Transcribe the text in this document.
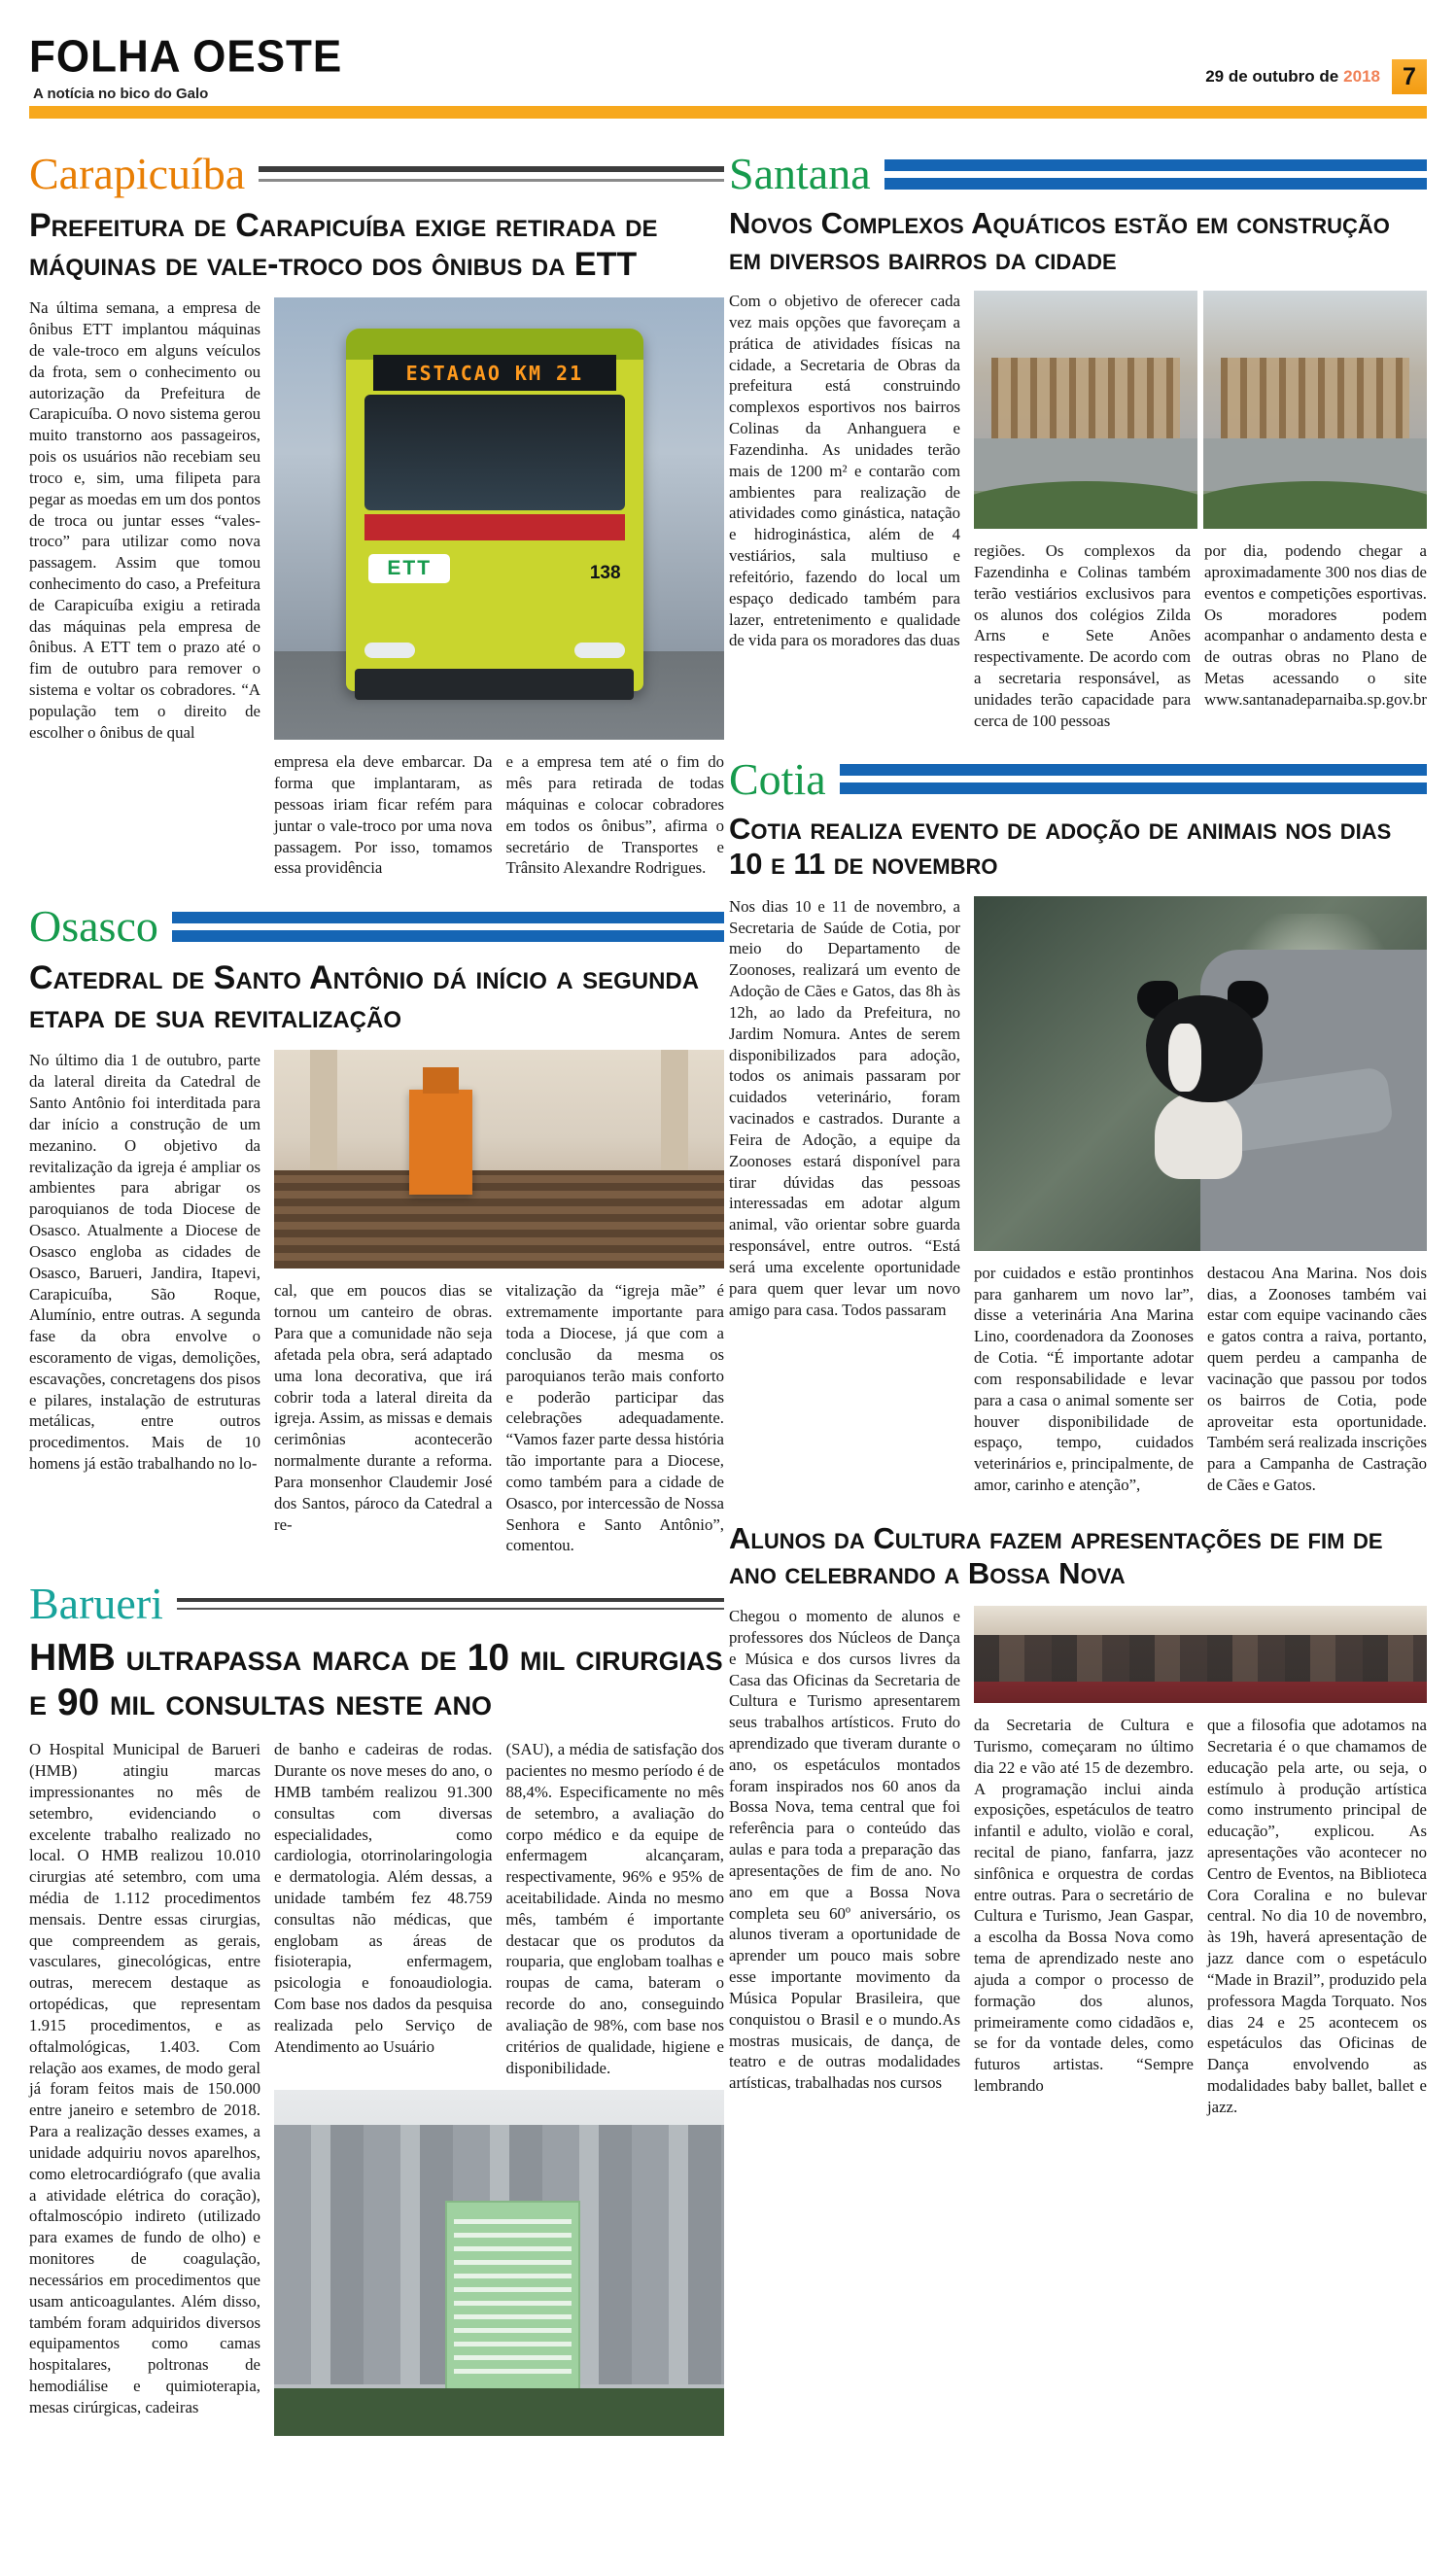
FOLHA OESTE
A notícia no bico do Galo
29 de outubro de 2018 7
Carapicuíba
Prefeitura de Carapicuíba exige retirada de máquinas de vale-troco dos ônibus da ETT
Na última semana, a empresa de ônibus ETT implantou máquinas de vale-troco em alguns veículos da frota, sem o conhecimento ou autorização da Prefeitura de Carapicuíba. O novo sistema gerou muito transtorno aos passageiros, pois os usuários não recebiam seu troco e, sim, uma filipeta para pegar as moedas em um dos pontos de troca ou juntar esses “vales-troco” para utilizar como nova passagem. Assim que tomou conhecimento do caso, a Prefeitura de Carapicuíba exigiu a retirada das máquinas pela empresa de ônibus. A ETT tem o prazo até o fim de outubro para remover o sistema e voltar os cobradores. “A população tem o direito de escolher o ônibus de qual
ESTACAO KM 21
ETT	138
empresa ela deve embarcar. Da forma que implantaram, as pessoas iriam ficar refém para juntar o vale-troco por uma nova passagem. Por isso, tomamos essa providência
e a empresa tem até o fim do mês para retirada de todas máquinas e colocar cobradores em todos os ônibus”, afirma o secretário de Transportes e Trânsito Alexandre Rodrigues.
Osasco
Catedral de Santo Antônio dá início a segunda etapa de sua revitalização
No último dia 1 de outubro, parte da lateral direita da Catedral de Santo Antônio foi interditada para dar início a construção de um mezanino. O objetivo da revitalização da igreja é ampliar os ambientes para abrigar os paroquianos de toda Diocese de Osasco. Atualmente a Diocese de Osasco engloba as cidades de Osasco, Barueri, Jandira, Itapevi, Carapicuíba, São Roque, Alumínio, entre outras. A segunda fase da obra envolve o escoramento de vigas, demolições, escavações, concretagens dos pisos e pilares, instalação de estruturas metálicas, entre outros procedimentos. Mais de 10 homens já estão trabalhando no lo-
cal, que em poucos dias se tornou um canteiro de obras. Para que a comunidade não seja afetada pela obra, será adaptado uma lona decorativa, que irá cobrir toda a lateral direita da igreja. Assim, as missas e demais cerimônias acontecerão normalmente durante a reforma. Para monsenhor Claudemir José dos Santos, pároco da Catedral a re-
vitalização da “igreja mãe” é extremamente importante para toda a Diocese, já que com a conclusão da mesma os paroquianos terão mais conforto e poderão participar das celebrações adequadamente. “Vamos fazer parte dessa história tão importante para a Diocese, como também para a cidade de Osasco, por intercessão de Nossa Senhora e Santo Antônio”, comentou.
Barueri
HMB ultrapassa marca de 10 mil cirurgias e 90 mil consultas neste ano
O Hospital Municipal de Barueri (HMB) atingiu marcas impressionantes no mês de setembro, evidenciando o excelente trabalho realizado no local. O HMB realizou 10.010 cirurgias até setembro, com uma média de 1.112 procedimentos mensais. Dentre essas cirurgias, que compreendem as gerais, vasculares, ginecológicas, entre outras, merecem destaque as ortopédicas, que representam 1.915 procedimentos, e as oftalmológicas, 1.403. Com relação aos exames, de modo geral já foram feitos mais de 150.000 entre janeiro e setembro de 2018. Para a realização desses exames, a unidade adquiriu novos aparelhos, como eletrocardiógrafo (que avalia a atividade elétrica do coração), oftalmoscópio indireto (utilizado para exames de fundo de olho) e monitores de coagulação, necessários em procedimentos que usam anticoagulantes. Além disso, também foram adquiridos diversos equipamentos como camas hospitalares, poltronas de hemodiálise e quimioterapia, mesas cirúrgicas, cadeiras
de banho e cadeiras de rodas. Durante os nove meses do ano, o HMB também realizou 91.300 consultas com diversas especialidades, como cardiologia, otorrinolaringologia e dermatologia. Além dessas, a unidade também fez 48.759 consultas não médicas, que englobam as áreas de fisioterapia, enfermagem, psicologia e fonoaudiologia. Com base nos dados da pesquisa realizada pelo Serviço de Atendimento ao Usuário
(SAU), a média de satisfação dos pacientes no mesmo período é de 88,4%. Especificamente no mês de setembro, a avaliação do corpo médico e da equipe de enfermagem alcançaram, respectivamente, 96% e 95% de aceitabilidade. Ainda no mesmo mês, também é importante destacar que os produtos da rouparia, que englobam toalhas e roupas de cama, bateram o recorde do ano, conseguindo avaliação de 98%, com base nos critérios de qualidade, higiene e disponibilidade.
Santana
Novos Complexos Aquáticos estão em construção em diversos bairros da cidade
Com o objetivo de oferecer cada vez mais opções que favoreçam a prática de atividades físicas na cidade, a Secretaria de Obras da prefeitura está construindo complexos esportivos nos bairros Colinas da Anhanguera e Fazendinha. As unidades terão mais de 1200 m² e contarão com ambientes para realização de atividades como ginástica, natação e hidroginástica, além de 4 vestiários, sala multiuso e refeitório, fazendo do local um espaço dedicado também para lazer, entretenimento e qualidade de vida para os moradores das duas
regiões. Os complexos da Fazendinha e Colinas também terão vestiários exclusivos para os alunos dos colégios Zilda Arns e Sete Anões respectivamente. De acordo com a secretaria responsável, as unidades terão capacidade para cerca de 100 pessoas
por dia, podendo chegar a aproximadamente 300 nos dias de eventos e competições esportivas. Os moradores podem acompanhar o andamento desta e de outras obras no Plano de Metas acessando o site www.santanadeparnaiba.sp.gov.br
Cotia
Cotia realiza evento de adoção de animais nos dias 10 e 11 de novembro
Nos dias 10 e 11 de novembro, a Secretaria de Saúde de Cotia, por meio do Departamento de Zoonoses, realizará um evento de Adoção de Cães e Gatos, das 8h às 12h, ao lado da Prefeitura, no Jardim Nomura. Antes de serem disponibilizados para adoção, todos os animais passaram por cuidados veterinário, foram vacinados e castrados. Durante a Feira de Adoção, a equipe da Zoonoses estará disponível para tirar dúvidas das pessoas interessadas em adotar algum animal, vão orientar sobre guarda responsável, entre outros. “Está será uma excelente oportunidade para quem quer levar um novo amigo para casa. Todos passaram
por cuidados e estão prontinhos para ganharem um novo lar”, disse a veterinária Ana Marina Lino, coordenadora da Zoonoses de Cotia. “É importante adotar com responsabilidade e levar para a casa o animal somente ser houver disponibilidade de espaço, tempo, cuidados veterinários e, principalmente, de amor, carinho e atenção”,
destacou Ana Marina. Nos dois dias, a Zoonoses também vai estar com equipe vacinando cães e gatos contra a raiva, portanto, quem perdeu a campanha de vacinação que passou por todos os bairros de Cotia, pode aproveitar esta oportunidade. Também será realizada inscrições para a Campanha de Castração de Cães e Gatos.
Alunos da Cultura fazem apresentações de fim de ano celebrando a Bossa Nova
Chegou o momento de alunos e professores dos Núcleos de Dança e Música e dos cursos livres da Casa das Oficinas da Secretaria de Cultura e Turismo apresentarem seus trabalhos artísticos. Fruto do aprendizado que tiveram durante o ano, os espetáculos montados foram inspirados nos 60 anos da Bossa Nova, tema central que foi referência para o conteúdo das aulas e para toda a preparação das apresentações de fim de ano. No ano em que a Bossa Nova completa seu 60º aniversário, os alunos tiveram a oportunidade de aprender um pouco mais sobre esse importante movimento da Música Popular Brasileira, que conquistou o Brasil e o mundo.As mostras musicais, de dança, de teatro e de outras modalidades artísticas, trabalhadas nos cursos
da Secretaria de Cultura e Turismo, começaram no último dia 22 e vão até 15 de dezembro. A programação inclui ainda exposições, espetáculos de teatro infantil e adulto, violão e coral, recital de piano, fanfarra, jazz sinfônica e orquestra de cordas entre outras. Para o secretário de Cultura e Turismo, Jean Gaspar, a escolha da Bossa Nova como tema de aprendizado neste ano ajuda a compor o processo de formação dos alunos, primeiramente como cidadãos e, se for da vontade deles, como futuros artistas. “Sempre lembrando
que a filosofia que adotamos na Secretaria é o que chamamos de educação pela arte, ou seja, o estímulo à produção artística como instrumento principal de educação”, explicou. As apresentações vão acontecer no Centro de Eventos, na Biblioteca Cora Coralina e no bulevar central. No dia 10 de novembro, às 19h, haverá apresentação de jazz dance com o espetáculo “Made in Brazil”, produzido pela professora Magda Torquato. Nos dias 24 e 25 acontecem os espetáculos das Oficinas de Dança envolvendo as modalidades baby ballet, ballet e jazz.
